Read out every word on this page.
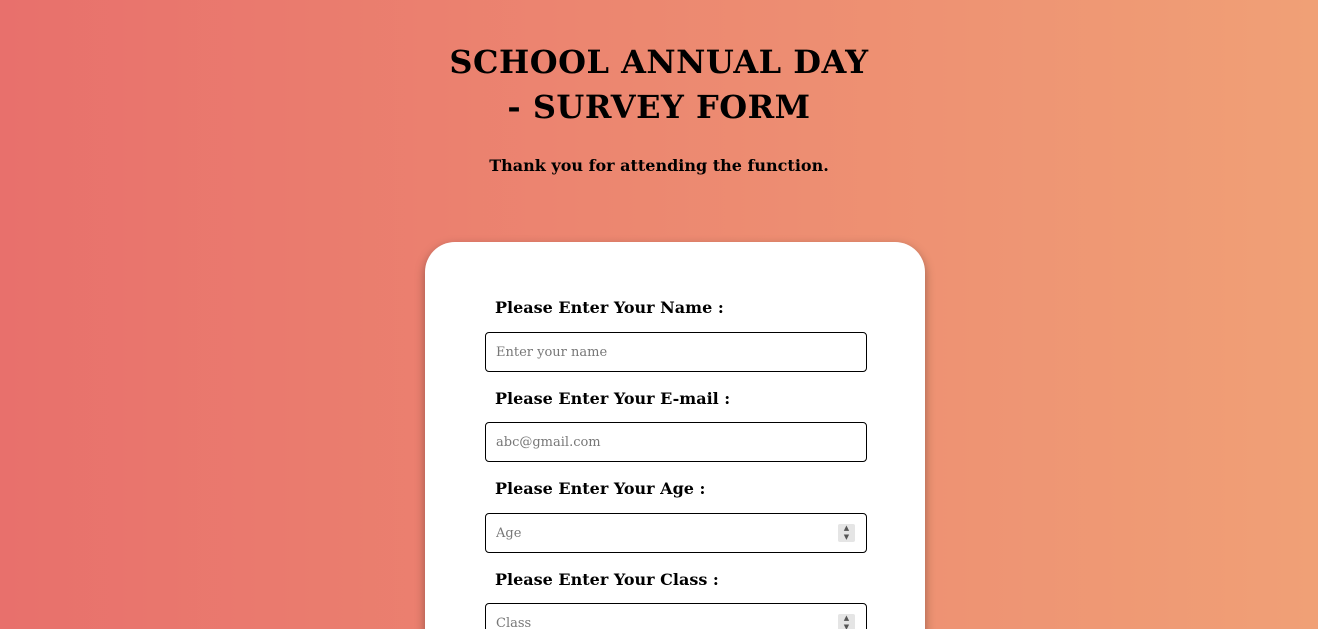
SCHOOL ANNUAL DAY - SURVEY FORM
Thank you for attending the function.
Please Enter Your Name :
Enter your name
Please Enter Your E-mail :
abc@gmail.com
Please Enter Your Age :
Age
▲
▼
Please Enter Your Class :
Class
▲
▼
